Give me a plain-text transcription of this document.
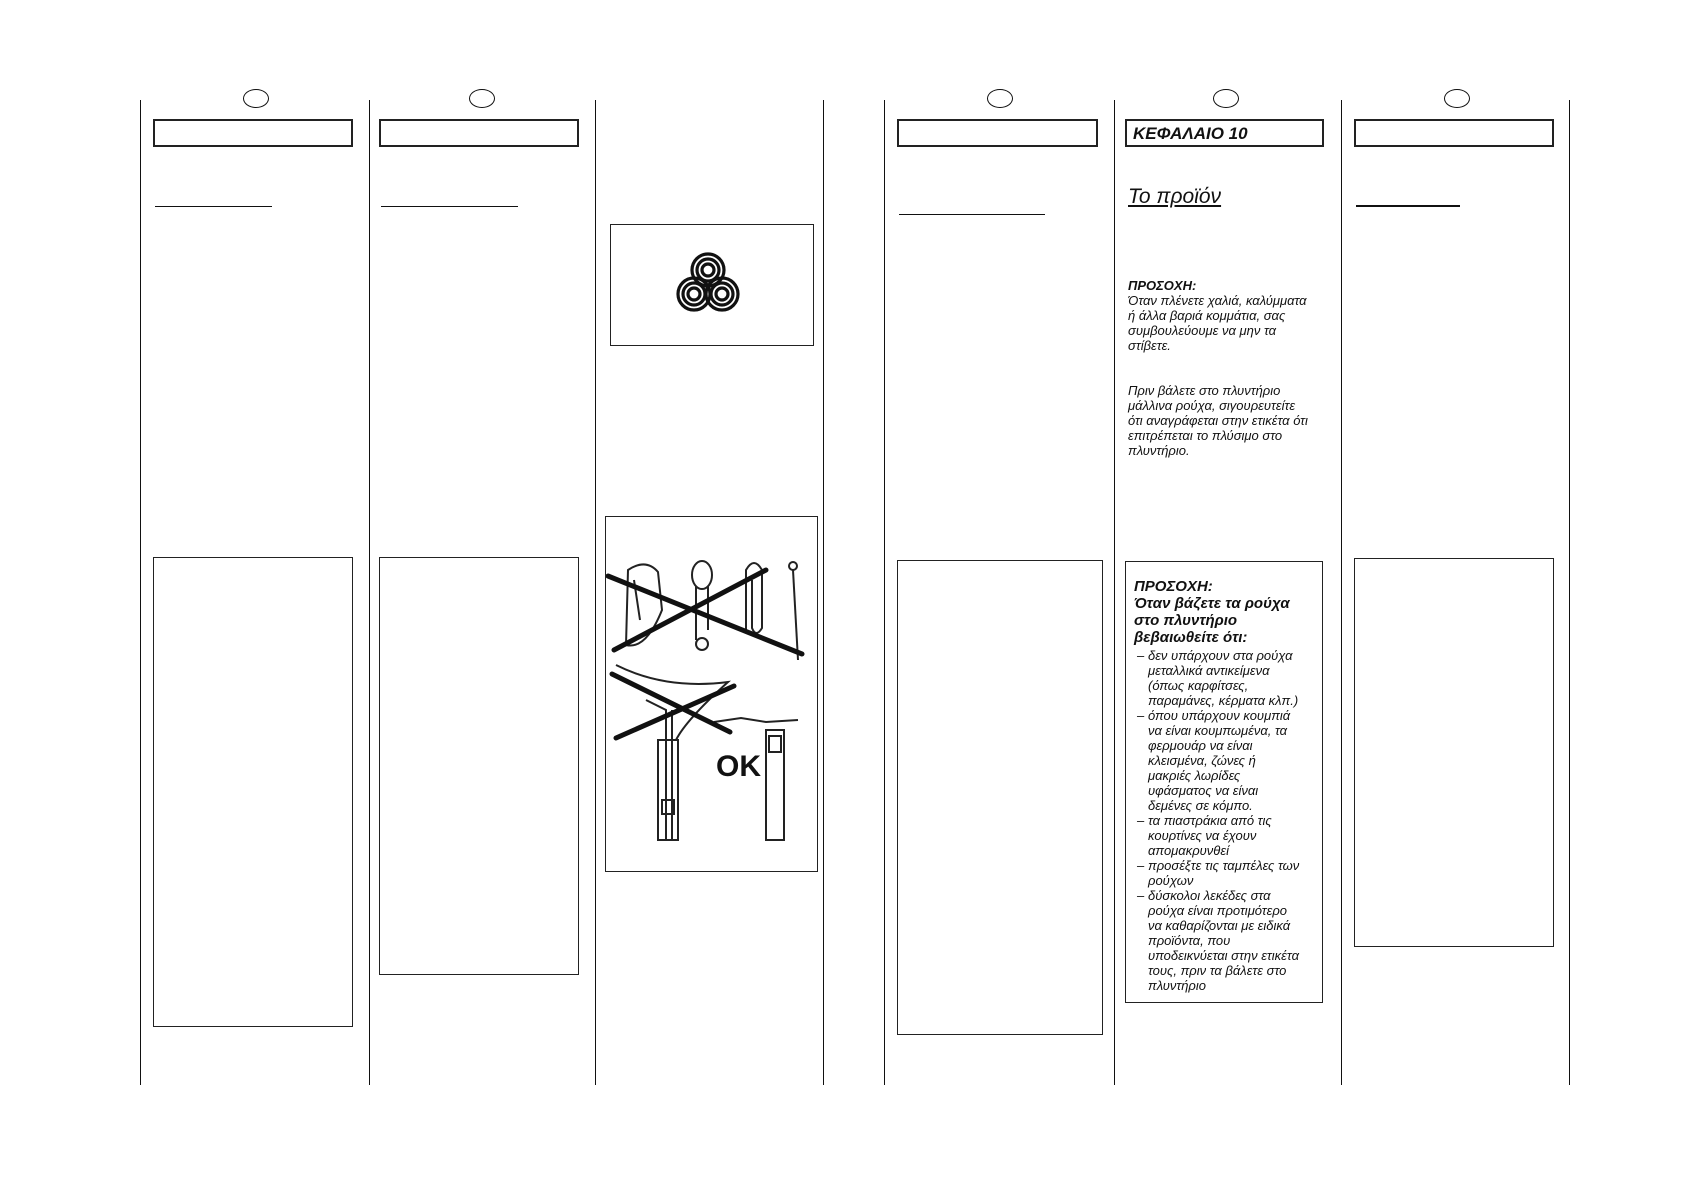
ΚΕΦΑΛΑΙΟ 10
Το προϊόν
ΠΡΟΣΟΧΗ:
Όταν πλένετε χαλιά, καλύμματα
ή άλλα βαριά κομμάτια, σας
συμβουλεύουμε να μην τα
στίβετε.
Πριν βάλετε στο πλυντήριο
μάλλινα ρούχα, σιγουρευτείτε
ότι αναγράφεται στην ετικέτα ότι
επιτρέπεται το πλύσιμο στο
πλυντήριο.

ΠΡΟΣΟΧΗ:
Όταν βάζετε τα ρούχα
στο πλυντήριο
βεβαιωθείτε ότι:

– δεν υπάρχουν στα ρούχα
μεταλλικά αντικείμενα
(όπως καρφίτσες,
παραμάνες, κέρματα κλπ.)
– όπου υπάρχουν κουμπιά
να είναι κουμπωμένα, τα
φερμουάρ να είναι
κλεισμένα, ζώνες ή
μακριές λωρίδες
υφάσματος να είναι
δεμένες σε κόμπο.
– τα πιαστράκια από τις
κουρτίνες να έχουν
απομακρυνθεί
– προσέξτε τις ταμπέλες των
ρούχων
– δύσκολοι λεκέδες στα
ρούχα είναι προτιμότερο
να καθαρίζονται με ειδικά
προϊόντα, που
υποδεικνύεται στην ετικέτα
τους, πριν τα βάλετε στο
πλυντήριο
OK
